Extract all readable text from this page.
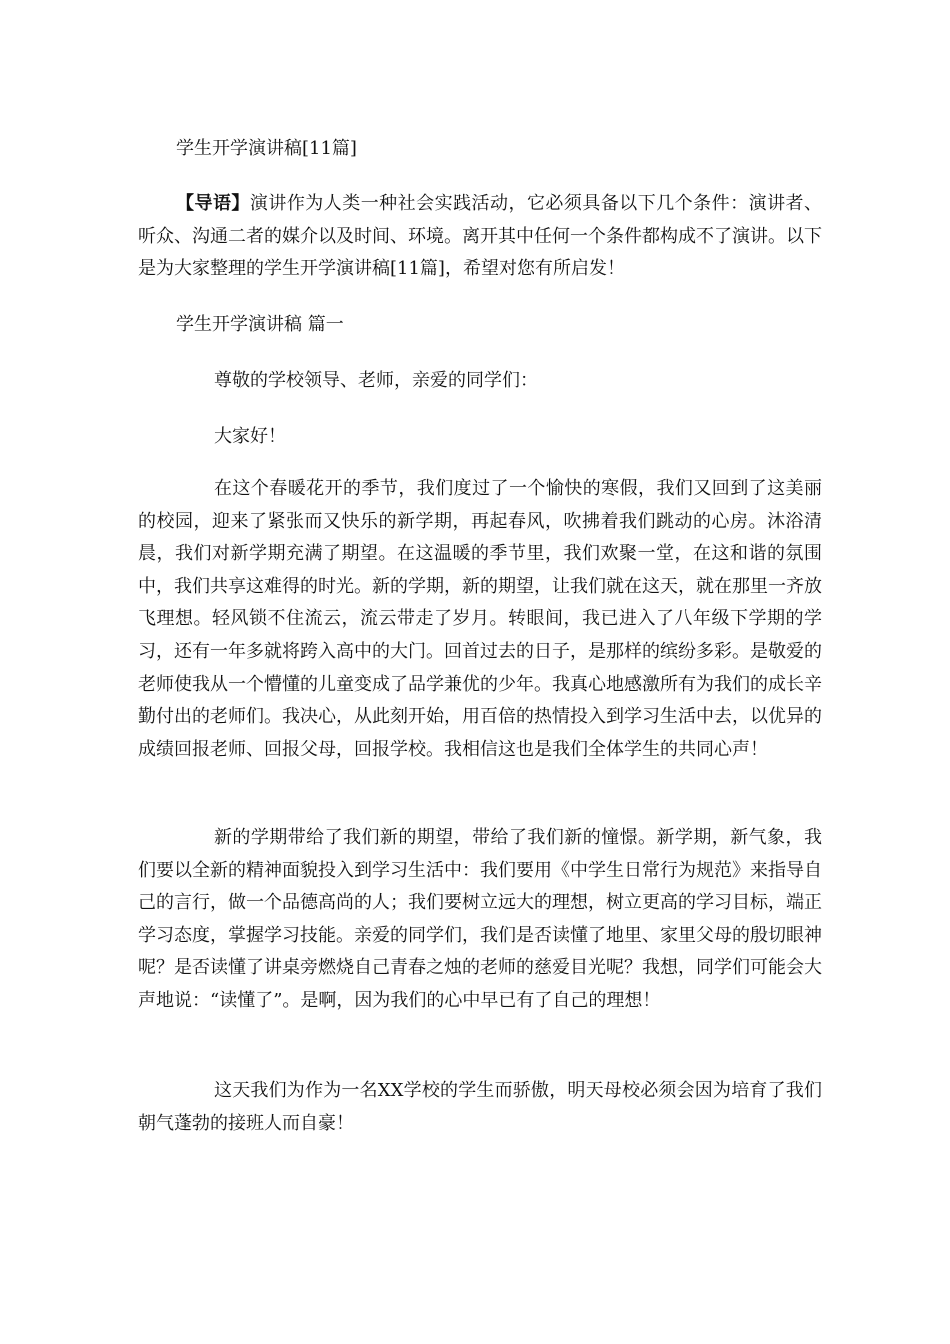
学生开学演讲稿[11篇]
【导语】演讲作为人类一种社会实践活动，它必须具备以下几个条件：演讲者、听众、沟通二者的媒介以及时间、环境。离开其中任何一个条件都构成不了演讲。以下是为大家整理的学生开学演讲稿[11篇]，希望对您有所启发！
学生开学演讲稿 篇一
尊敬的学校领导、老师，亲爱的同学们：
大家好！
在这个春暖花开的季节，我们度过了一个愉快的寒假，我们又回到了这美丽的校园，迎来了紧张而又快乐的新学期，再起春风，吹拂着我们跳动的心房。沐浴清晨，我们对新学期充满了期望。在这温暖的季节里，我们欢聚一堂，在这和谐的氛围中，我们共享这难得的时光。新的学期，新的期望，让我们就在这天，就在那里一齐放飞理想。轻风锁不住流云，流云带走了岁月。转眼间，我已进入了八年级下学期的学习，还有一年多就将跨入高中的大门。回首过去的日子，是那样的缤纷多彩。是敬爱的老师使我从一个懵懂的儿童变成了品学兼优的少年。我真心地感激所有为我们的成长辛勤付出的老师们。我决心，从此刻开始，用百倍的热情投入到学习生活中去，以优异的成绩回报老师、回报父母，回报学校。我相信这也是我们全体学生的共同心声！
新的学期带给了我们新的期望，带给了我们新的憧憬。新学期，新气象，我们要以全新的精神面貌投入到学习生活中：我们要用《中学生日常行为规范》来指导自己的言行，做一个品德高尚的人；我们要树立远大的理想，树立更高的学习目标，端正学习态度，掌握学习技能。亲爱的同学们，我们是否读懂了地里、家里父母的殷切眼神呢？是否读懂了讲桌旁燃烧自己青春之烛的老师的慈爱目光呢？我想，同学们可能会大声地说：“读懂了”。是啊，因为我们的心中早已有了自己的理想！
这天我们为作为一名XX学校的学生而骄傲，明天母校必须会因为培育了我们朝气蓬勃的接班人而自豪！
